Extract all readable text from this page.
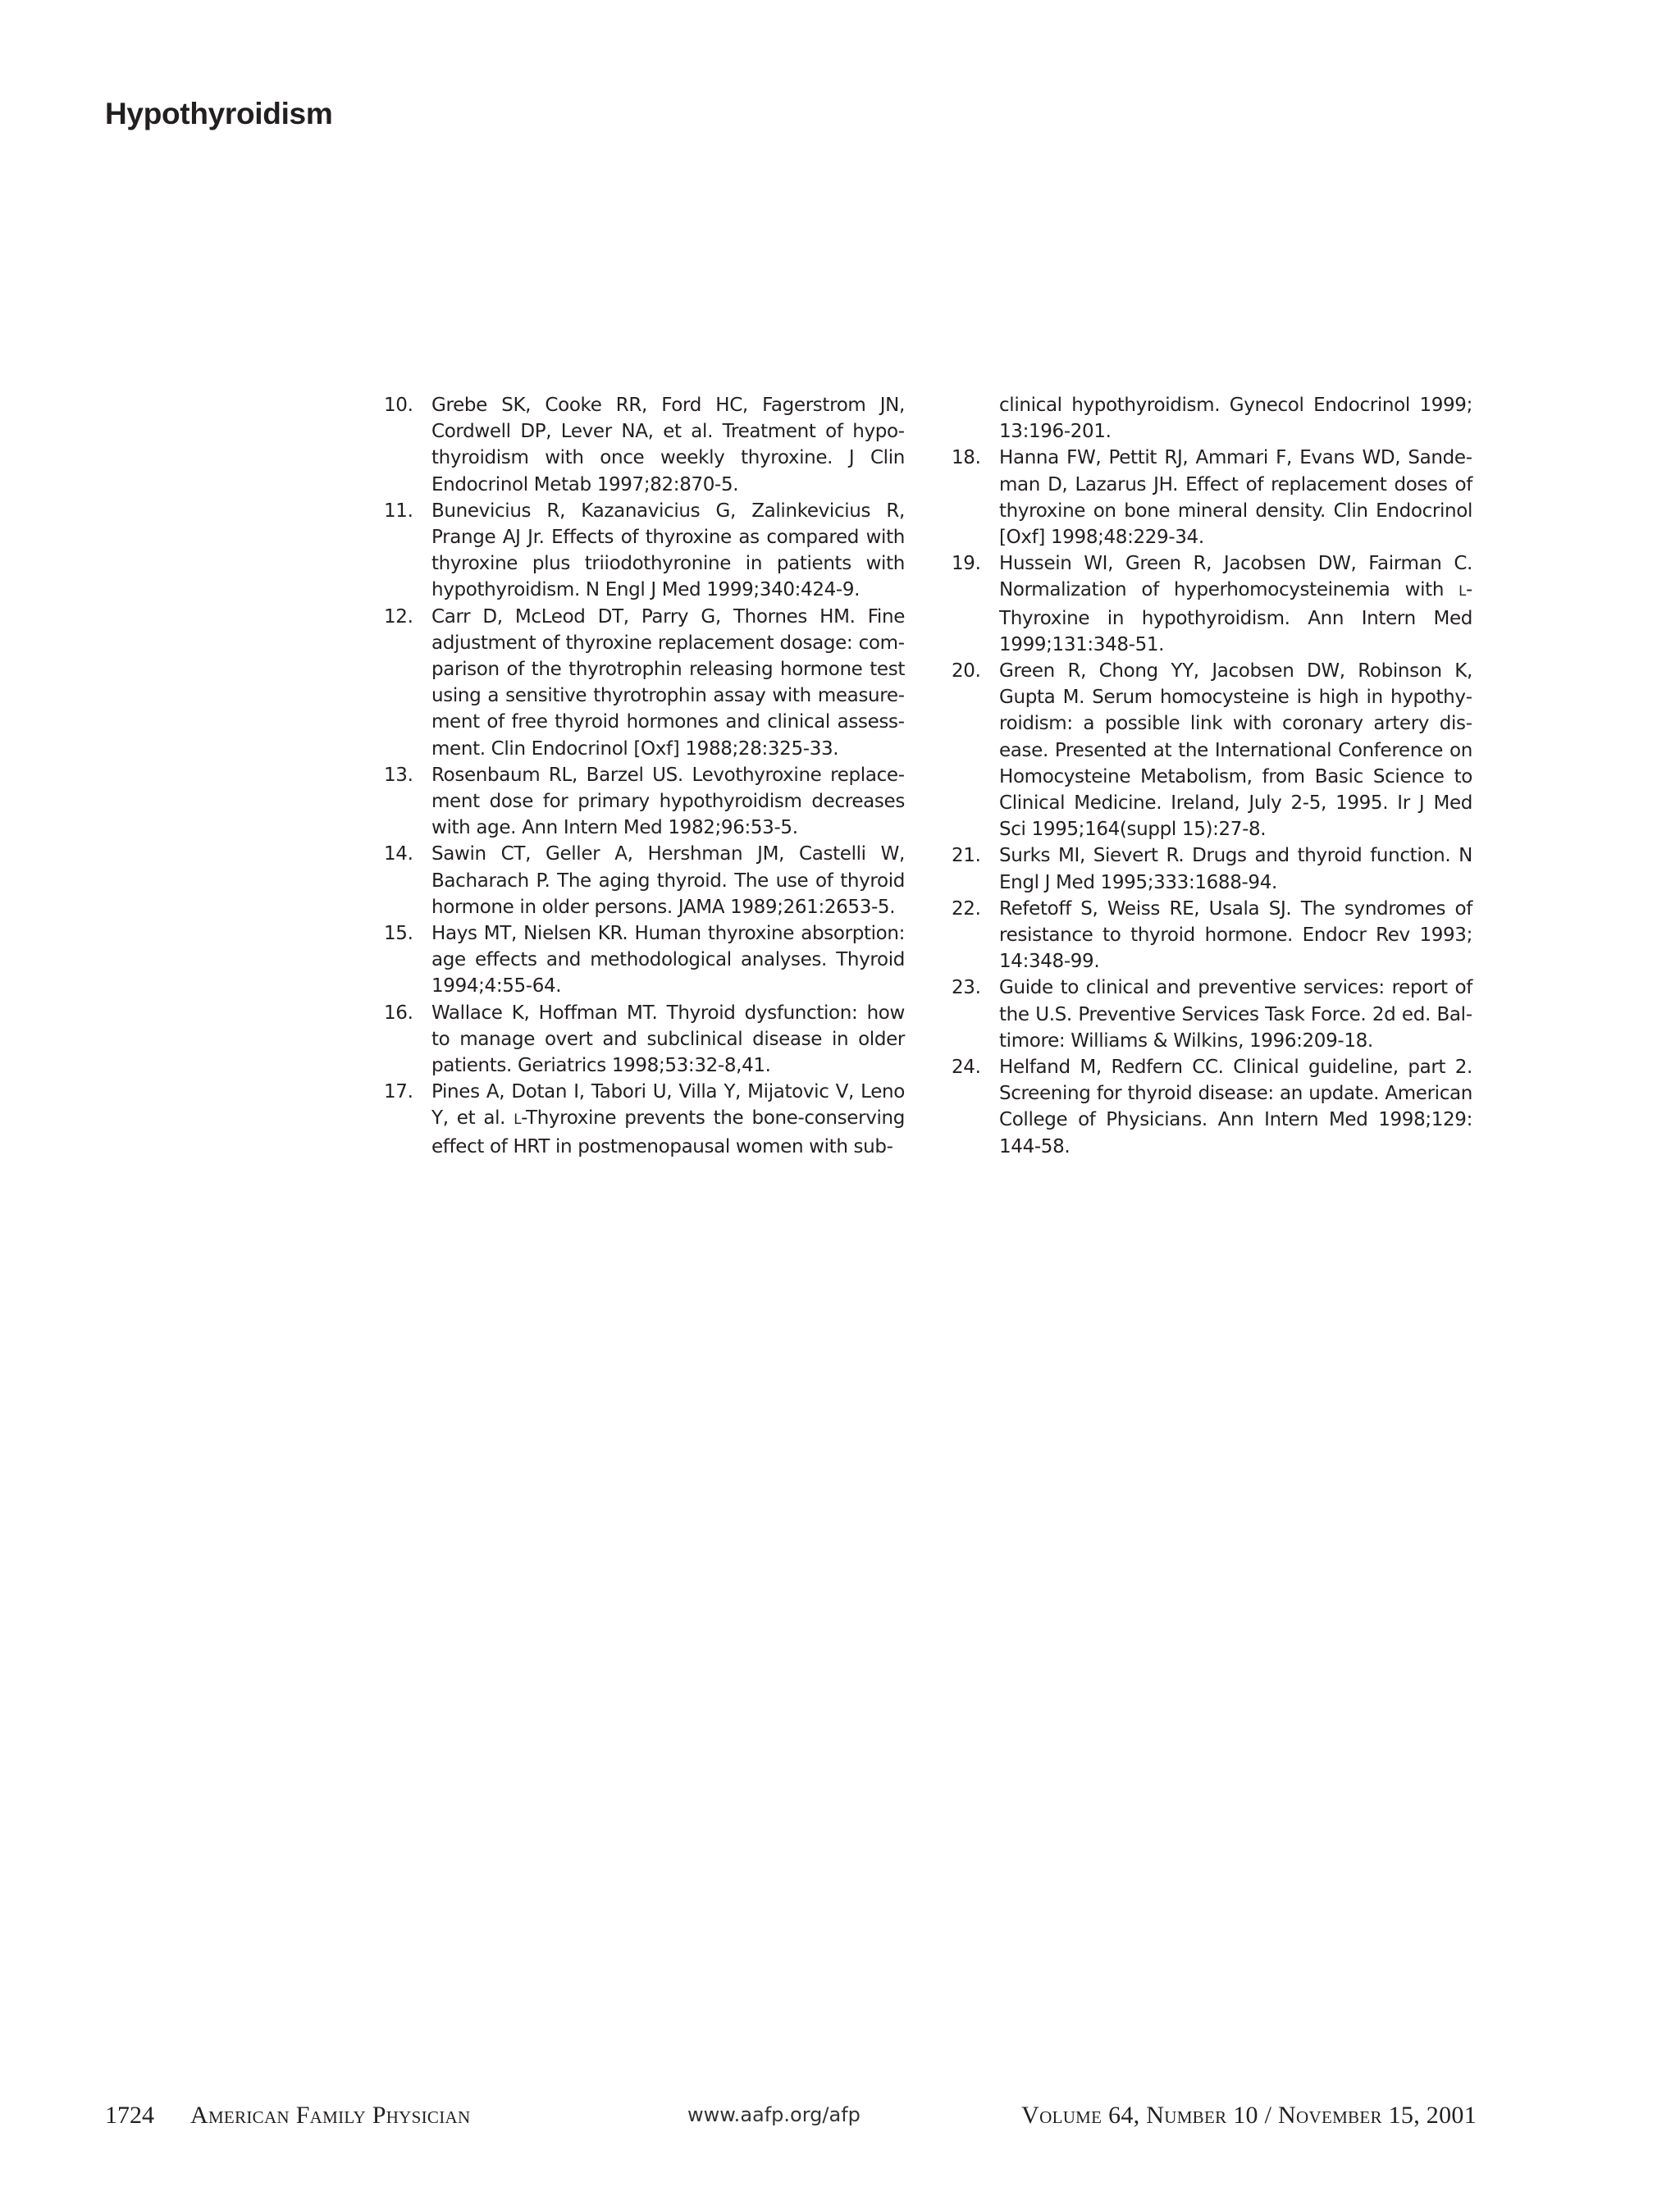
Hypothyroidism
10. Grebe SK, Cooke RR, Ford HC, Fagerstrom JN, Cordwell DP, Lever NA, et al. Treatment of hypothyroidism with once weekly thyroxine. J Clin Endocrinol Metab 1997;82:870-5.
11. Bunevicius R, Kazanavicius G, Zalinkevicius R, Prange AJ Jr. Effects of thyroxine as compared with thyroxine plus triiodothyronine in patients with hypothyroidism. N Engl J Med 1999;340:424-9.
12. Carr D, McLeod DT, Parry G, Thornes HM. Fine adjustment of thyroxine replacement dosage: comparison of the thyrotrophin releasing hormone test using a sensitive thyrotrophin assay with measurement of free thyroid hormones and clinical assessment. Clin Endocrinol [Oxf] 1988;28:325-33.
13. Rosenbaum RL, Barzel US. Levothyroxine replacement dose for primary hypothyroidism decreases with age. Ann Intern Med 1982;96:53-5.
14. Sawin CT, Geller A, Hershman JM, Castelli W, Bacharach P. The aging thyroid. The use of thyroid hormone in older persons. JAMA 1989;261:2653-5.
15. Hays MT, Nielsen KR. Human thyroxine absorption: age effects and methodological analyses. Thyroid 1994;4:55-64.
16. Wallace K, Hoffman MT. Thyroid dysfunction: how to manage overt and subclinical disease in older patients. Geriatrics 1998;53:32-8,41.
17. Pines A, Dotan I, Tabori U, Villa Y, Mijatovic V, Leno Y, et al. L-Thyroxine prevents the bone-conserving effect of HRT in postmenopausal women with sub-
clinical hypothyroidism. Gynecol Endocrinol 1999; 13:196-201.
18. Hanna FW, Pettit RJ, Ammari F, Evans WD, Sandeman D, Lazarus JH. Effect of replacement doses of thyroxine on bone mineral density. Clin Endocrinol [Oxf] 1998;48:229-34.
19. Hussein WI, Green R, Jacobsen DW, Fairman C. Normalization of hyperhomocysteinemia with L-Thyroxine in hypothyroidism. Ann Intern Med 1999;131:348-51.
20. Green R, Chong YY, Jacobsen DW, Robinson K, Gupta M. Serum homocysteine is high in hypothyroidism: a possible link with coronary artery disease. Presented at the International Conference on Homocysteine Metabolism, from Basic Science to Clinical Medicine. Ireland, July 2-5, 1995. Ir J Med Sci 1995;164(suppl 15):27-8.
21. Surks MI, Sievert R. Drugs and thyroid function. N Engl J Med 1995;333:1688-94.
22. Refetoff S, Weiss RE, Usala SJ. The syndromes of resistance to thyroid hormone. Endocr Rev 1993; 14:348-99.
23. Guide to clinical and preventive services: report of the U.S. Preventive Services Task Force. 2d ed. Baltimore: Williams & Wilkins, 1996:209-18.
24. Helfand M, Redfern CC. Clinical guideline, part 2. Screening for thyroid disease: an update. American College of Physicians. Ann Intern Med 1998;129: 144-58.
1724 American Family Physician	www.aafp.org/afp	Volume 64, Number 10 / November 15, 2001
